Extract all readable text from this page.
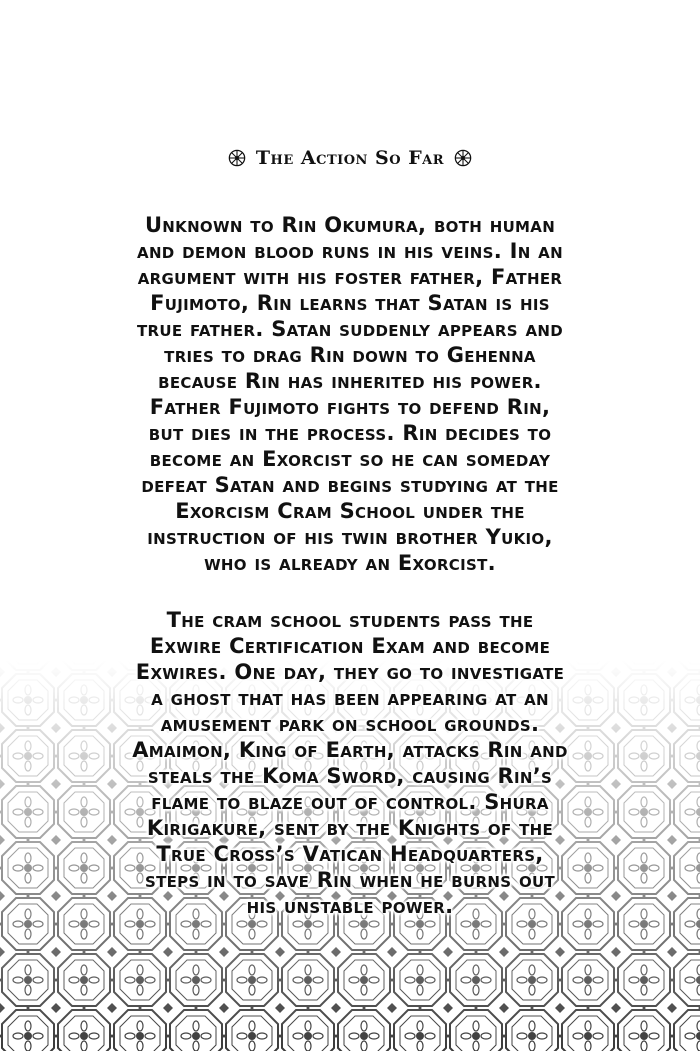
The Action So Far
Unknown to Rin Okumura, both human
and demon blood runs in his veins. In an
argument with his foster father, Father
Fujimoto, Rin learns that Satan is his
true father. Satan suddenly appears and
tries to drag Rin down to Gehenna
because Rin has inherited his power.
Father Fujimoto fights to defend Rin,
but dies in the process. Rin decides to
become an Exorcist so he can someday
defeat Satan and begins studying at the
Exorcism Cram School under the
instruction of his twin brother Yukio,
who is already an Exorcist.
The cram school students pass the
Exwire Certification Exam and become
Exwires. One day, they go to investigate
a ghost that has been appearing at an
amusement park on school grounds.
Amaimon, King of Earth, attacks Rin and
steals the Koma Sword, causing Rin’s
flame to blaze out of control. Shura
Kirigakure, sent by the Knights of the
True Cross’s Vatican Headquarters,
steps in to save Rin when he burns out
his unstable power.
